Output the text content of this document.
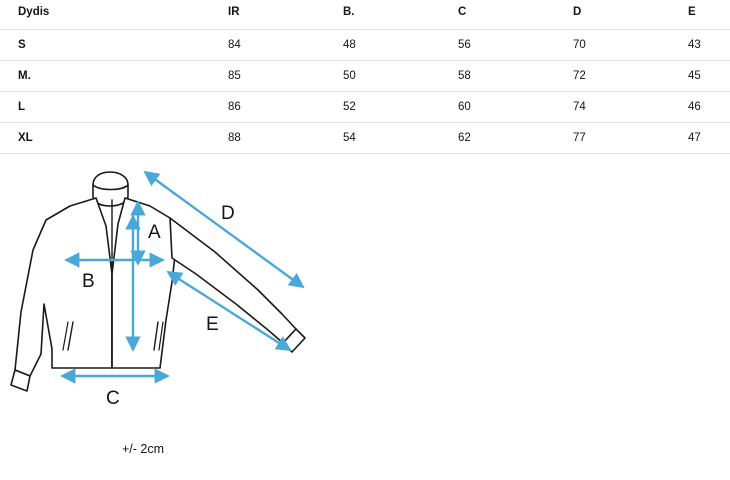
Dydis	IR	B.	C	D	E
S	84	48	56	70	43
M.	85	50	58	72	45
L	86	52	60	74	46
XL	88	54	62	77	47
A
B
C
D
E
+/- 2cm
